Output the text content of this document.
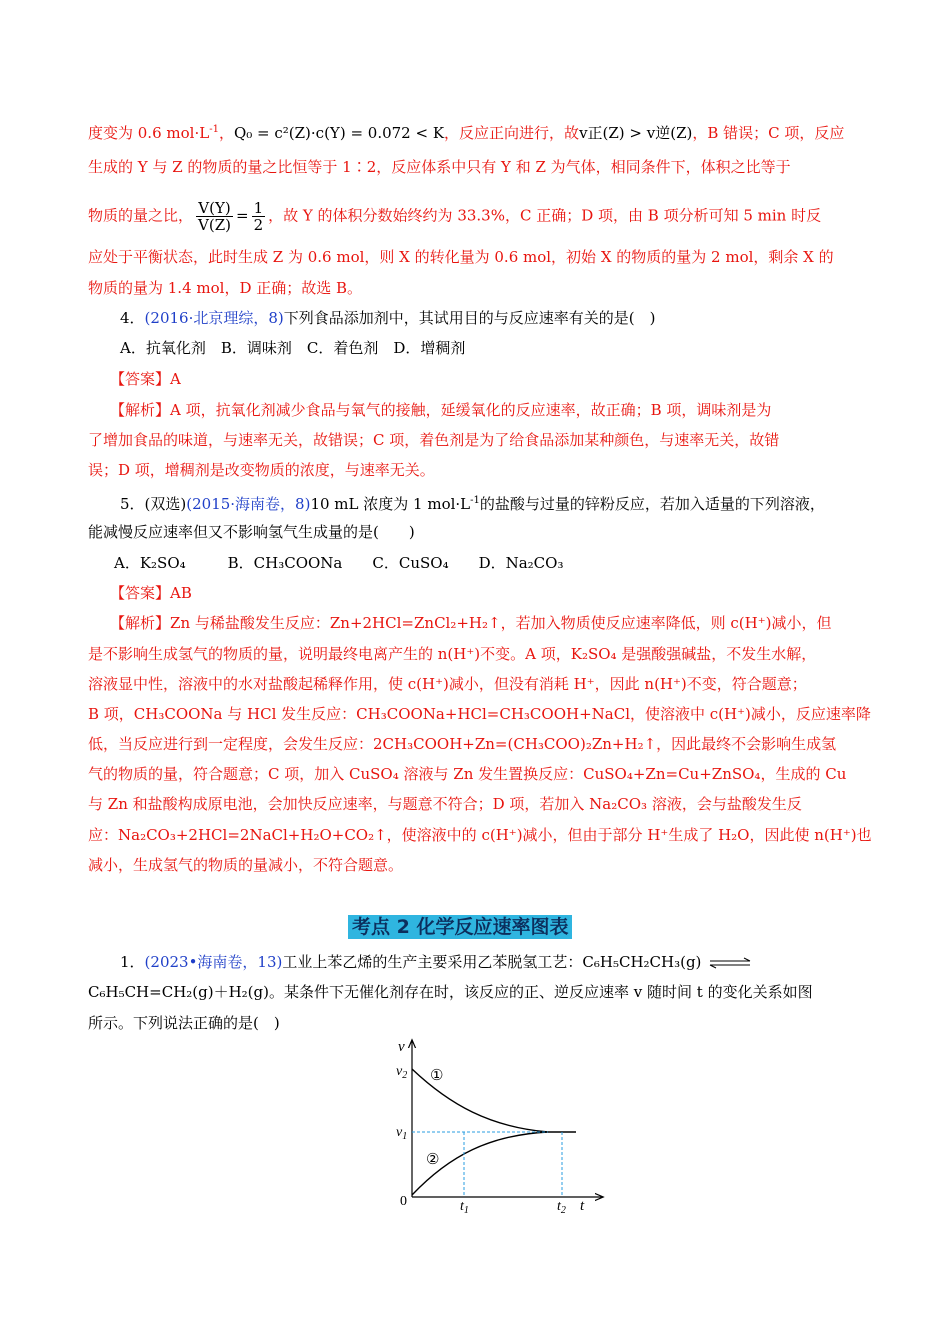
度变为 0.6 $mol\cdot L^{-1}$，Q₀ = c²(Z)·c(Y) = 0.072 < K，反应正向进行，故v正(Z) > v逆(Z)，B 错误；C 项，反应
生成的 Y 与 Z 的物质的量之比恒等于 1∶2，反应体系中只有 Y 和 Z 为气体，相同条件下，体积之比等于
物质的量之比， $\frac{V(Y)}{V(Z)} = \frac{1}{2}$ ，故 Y 的体积分数始终约为 33.3%，C 正确；D 项，由 B 项分析可知 5 min 时反
应处于平衡状态，此时生成 Z 为 0.6 mol，则 X 的转化量为 0.6 mol，初始 X 的物质的量为 2 mol，剩余 X 的
物质的量为 1.4 mol，D 正确；故选 B。
4．(2016·北京理综，8)下列食品添加剂中，其试用目的与反应速率有关的是(　)
A．抗氧化剂　B．调味剂　C．着色剂　D．增稠剂
【答案】A
【解析】A 项，抗氧化剂减少食品与氧气的接触，延缓氧化的反应速率，故正确；B 项，调味剂是为
了增加食品的味道，与速率无关，故错误；C 项，着色剂是为了给食品添加某种颜色，与速率无关，故错
误；D 项，增稠剂是改变物质的浓度，与速率无关。
5．(双选)(2015·海南卷，8)10 mL 浓度为 1 $mol\cdot L^{-1}$的盐酸与过量的锌粉反应，若加入适量的下列溶液，
能减慢反应速率但又不影响氢气生成量的是(　　)
A．K₂SO₄	B．CH₃COONa C．CuSO₄ D．Na₂CO₃
【答案】AB
【解析】Zn 与稀盐酸发生反应：Zn+2HCl=ZnCl₂+H₂↑，若加入物质使反应速率降低，则 c(H⁺)减小，但
是不影响生成氢气的物质的量，说明最终电离产生的 n(H⁺)不变。A 项，K₂SO₄ 是强酸强碱盐，不发生水解，
溶液显中性，溶液中的水对盐酸起稀释作用，使 c(H⁺)减小，但没有消耗 H⁺，因此 n(H⁺)不变，符合题意；
B 项，CH₃COONa 与 HCl 发生反应：CH₃COONa+HCl=CH₃COOH+NaCl，使溶液中 c(H⁺)减小，反应速率降
低，当反应进行到一定程度，会发生反应：2CH₃COOH+Zn=(CH₃COO)₂Zn+H₂↑，因此最终不会影响生成氢
气的物质的量，符合题意；C 项，加入 CuSO₄ 溶液与 Zn 发生置换反应：CuSO₄+Zn=Cu+ZnSO₄，生成的 Cu
与 Zn 和盐酸构成原电池，会加快反应速率，与题意不符合；D 项，若加入 Na₂CO₃ 溶液，会与盐酸发生反
应：Na₂CO₃+2HCl=2NaCl+H₂O+CO₂↑，使溶液中的 c(H⁺)减小，但由于部分 H⁺生成了 H₂O，因此使 n(H⁺)也
减小，生成氢气的物质的量减小，不符合题意。
考点 2 化学反应速率图表
1．(2023•海南卷，13)工业上苯乙烯的生产主要采用乙苯脱氢工艺：C₆H₅CH₂CH₃(g) ⇌
C₆H₅CH=CH₂(g)＋H₂(g)。某条件下无催化剂存在时，该反应的正、逆反应速率 v 随时间 t 的变化关系如图
所示。下列说法正确的是(　)
v
t
0
$v_2$
$v_1$
$t_1$	$t_2$
①
②
